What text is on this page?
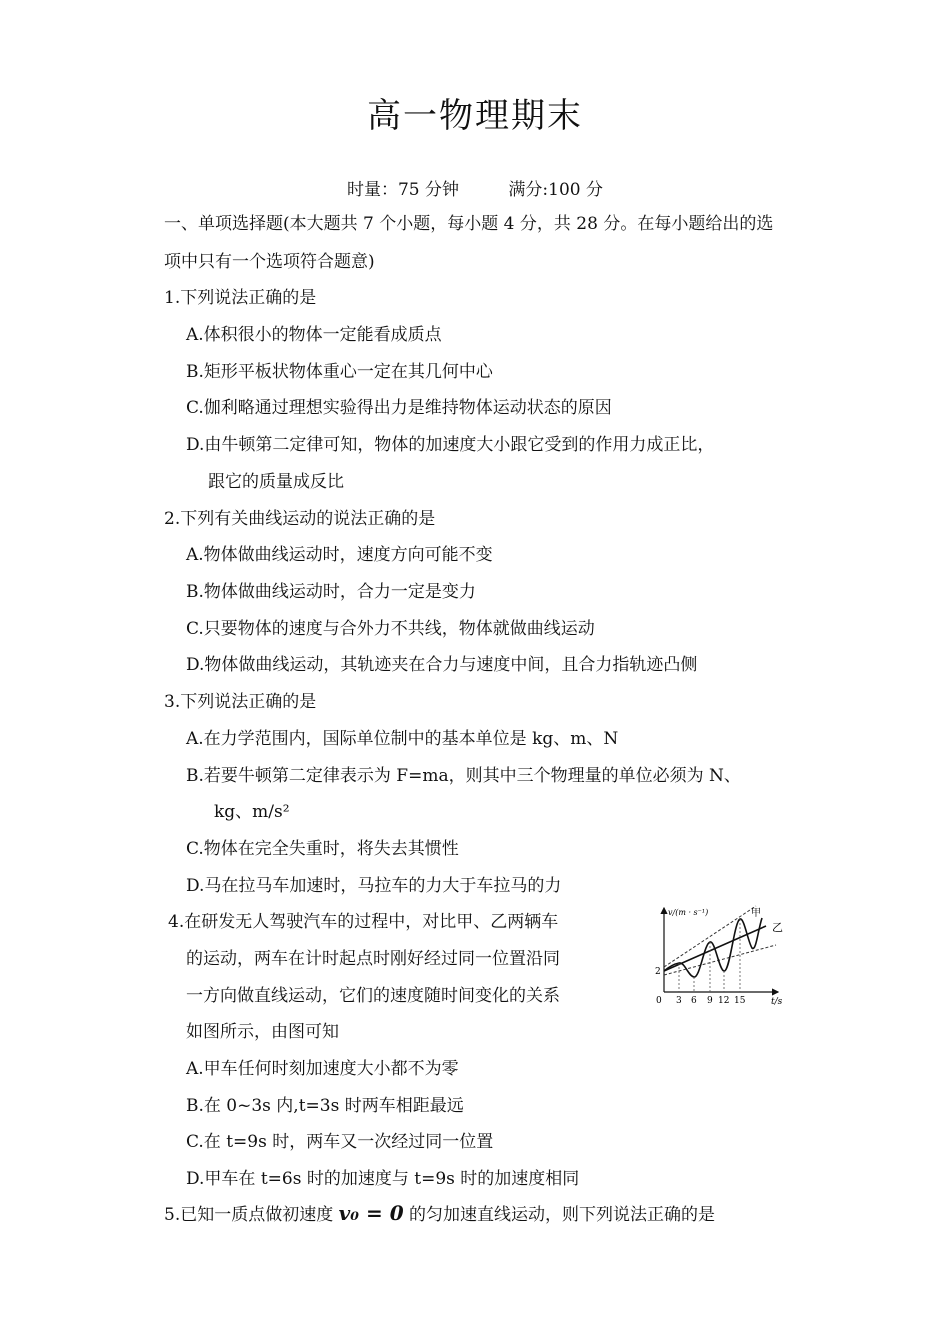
高一物理期末
时量：75 分钟	满分:100 分
一、单项选择题(本大题共 7 个小题，每小题 4 分，共 28 分。在每小题给出的选
项中只有一个选项符合题意)
1.下列说法正确的是
A.体积很小的物体一定能看成质点
B.矩形平板状物体重心一定在其几何中心
C.伽利略通过理想实验得出力是维持物体运动状态的原因
D.由牛顿第二定律可知，物体的加速度大小跟它受到的作用力成正比，
跟它的质量成反比
2.下列有关曲线运动的说法正确的是
A.物体做曲线运动时，速度方向可能不变
B.物体做曲线运动时，合力一定是变力
C.只要物体的速度与合外力不共线，物体就做曲线运动
D.物体做曲线运动，其轨迹夹在合力与速度中间，且合力指轨迹凸侧
3.下列说法正确的是
A.在力学范围内，国际单位制中的基本单位是 kg、m、N
B.若要牛顿第二定律表示为 F=ma，则其中三个物理量的单位必须为 N、
kg、m/s²
C.物体在完全失重时，将失去其惯性
D.马在拉马车加速时，马拉车的力大于车拉马的力
4.在研发无人驾驶汽车的过程中，对比甲、乙两辆车
的运动，两车在计时起点时刚好经过同一位置沿同
一方向做直线运动，它们的速度随时间变化的关系
如图所示，由图可知
A.甲车任何时刻加速度大小都不为零
B.在 0~3s 内,t=3s 时两车相距最远
C.在 t=9s 时，两车又一次经过同一位置
D.甲车在 t=6s 时的加速度与 t=9s 时的加速度相同
v/(m · s⁻¹)
t/s
0
2
3 6 9 12 15
甲
乙
5.已知一质点做初速度 v₀ = 0 的匀加速直线运动，则下列说法正确的是
